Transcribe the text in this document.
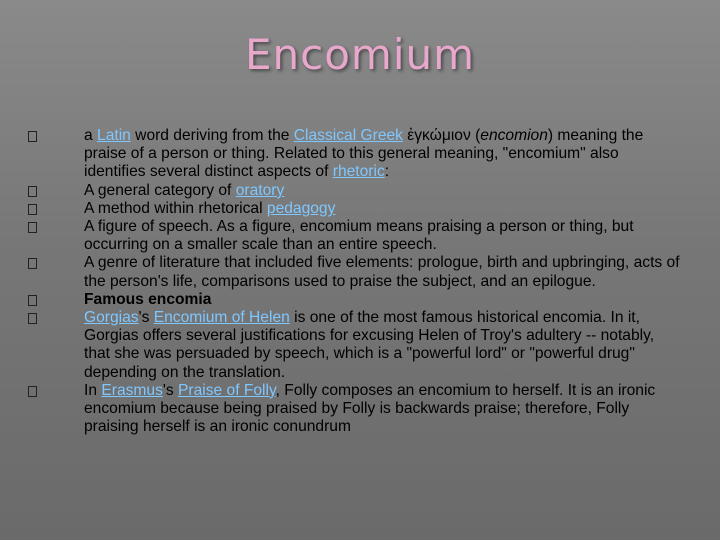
Encomium
a Latin word deriving from the Classical Greek ἐγκώμιον (encomion) meaning the praise of a person or thing. Related to this general meaning, "encomium" also identifies several distinct aspects of rhetoric:
A general category of oratory
A method within rhetorical pedagogy
A figure of speech. As a figure, encomium means praising a person or thing, but occurring on a smaller scale than an entire speech.
A genre of literature that included five elements: prologue, birth and upbringing, acts of the person's life, comparisons used to praise the subject, and an epilogue.
Famous encomia
Gorgias's Encomium of Helen is one of the most famous historical encomia. In it, Gorgias offers several justifications for excusing Helen of Troy's adultery -- notably, that she was persuaded by speech, which is a "powerful lord" or "powerful drug" depending on the translation.
In Erasmus's Praise of Folly, Folly composes an encomium to herself. It is an ironic encomium because being praised by Folly is backwards praise; therefore, Folly praising herself is an ironic conundrum
